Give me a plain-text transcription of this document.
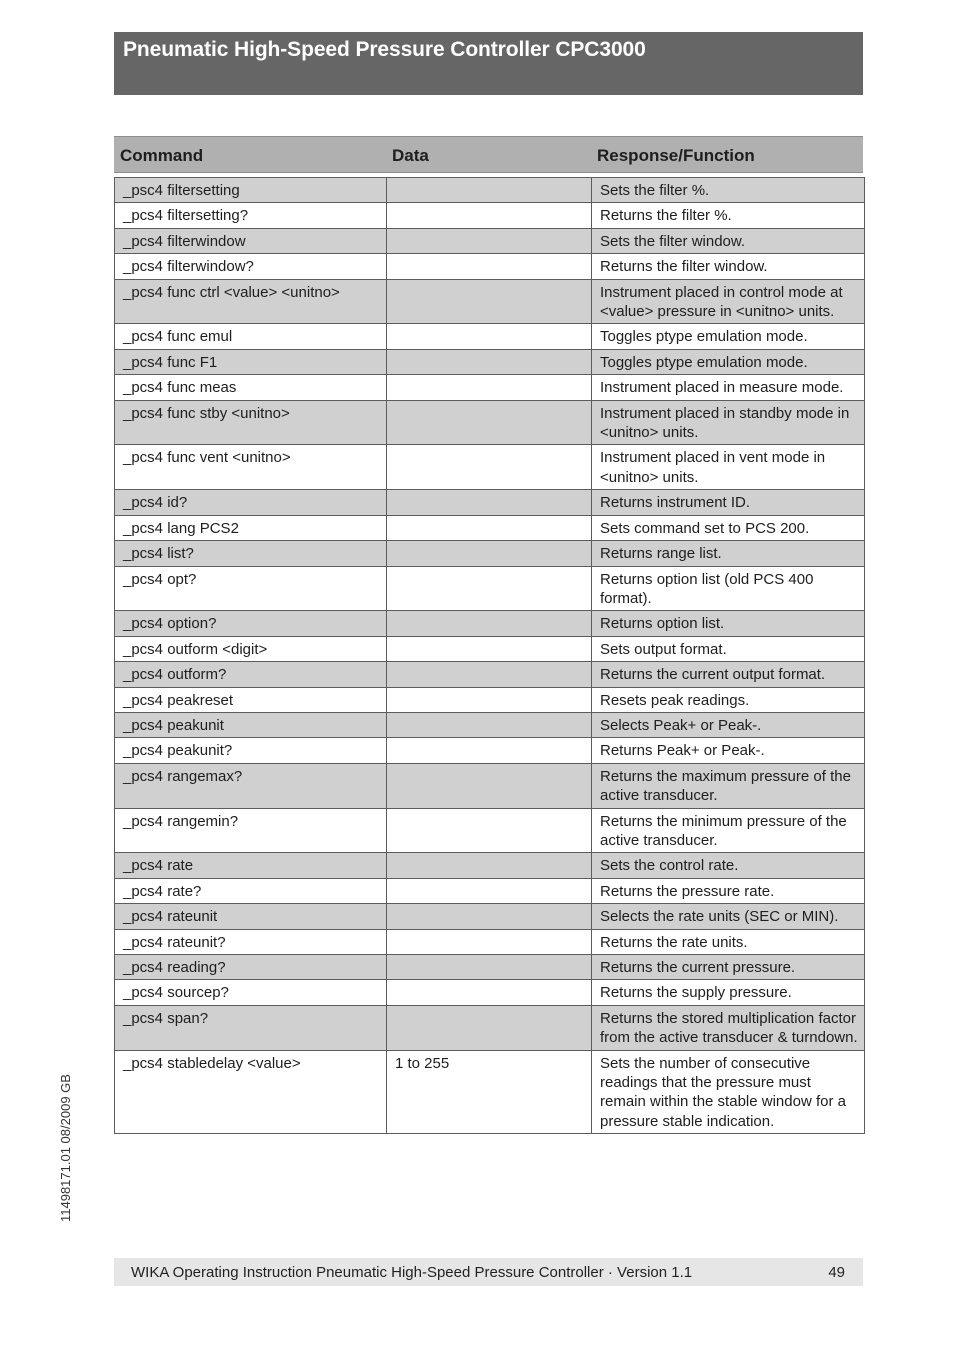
Pneumatic High-Speed Pressure Controller CPC3000
Command	Data	Response/Function
_psc4 filtersetting		Sets the filter %.
_pcs4 filtersetting?		Returns the filter %.
_pcs4 filterwindow		Sets the filter window.
_pcs4 filterwindow?		Returns the filter window.
_pcs4 func ctrl <value> <unitno>		Instrument placed in control mode at <value> pressure in <unitno> units.
_pcs4 func emul		Toggles ptype emulation mode.
_pcs4 func F1		Toggles ptype emulation mode.
_pcs4 func meas		Instrument placed in measure mode.
_pcs4 func stby <unitno>		Instrument placed in standby mode in <unitno> units.
_pcs4 func vent <unitno>		Instrument placed in vent mode in <unitno> units.
_pcs4 id?		Returns instrument ID.
_pcs4 lang PCS2		Sets command set to PCS 200.
_pcs4 list?		Returns range list.
_pcs4 opt?		Returns option list (old PCS 400 format).
_pcs4 option?		Returns option list.
_pcs4 outform <digit>		Sets output format.
_pcs4 outform?		Returns the current output format.
_pcs4 peakreset		Resets peak readings.
_pcs4 peakunit		Selects Peak+ or Peak-.
_pcs4 peakunit?		Returns Peak+ or Peak-.
_pcs4 rangemax?		Returns the maximum pressure of the active transducer.
_pcs4 rangemin?		Returns the minimum pressure of the active transducer.
_pcs4 rate		Sets the control rate.
_pcs4 rate?		Returns the pressure rate.
_pcs4 rateunit		Selects the rate units (SEC or MIN).
_pcs4 rateunit?		Returns the rate units.
_pcs4 reading?		Returns the current pressure.
_pcs4 sourcep?		Returns the supply pressure.
_pcs4 span?		Returns the stored multiplication factor from the active transducer & turndown.
_pcs4 stabledelay <value>	1 to 255	Sets the number of consecutive readings that the pressure must remain within the stable window for a pressure stable indication.
11498171.01 08/2009 GB
WIKA Operating Instruction Pneumatic High-Speed Pressure Controller · Version 1.1	49
